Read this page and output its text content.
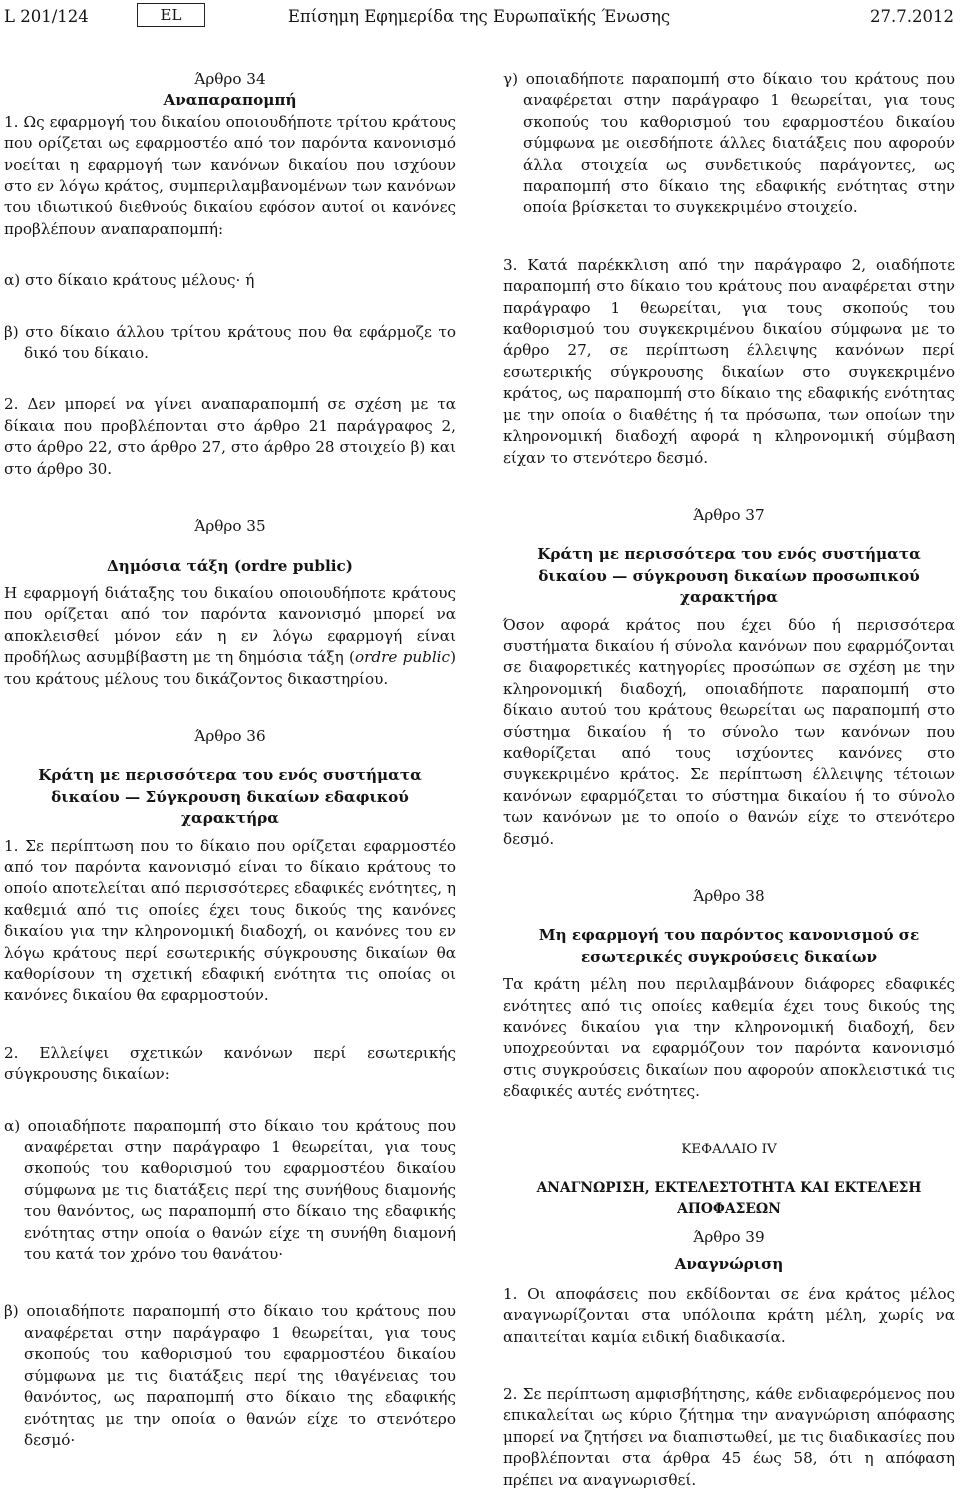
Επίσημη Εφημερίδα της Ευρωπαϊκής Ένωσης
L 201/124	EL	27.7.2012

Άρθρο 34

Αναπαραπομπή

1. Ως εφαρμογή του δικαίου οποιουδήποτε τρίτου κράτους που ορίζεται ως εφαρμοστέο από τον παρόντα κανονισμό νοείται η εφαρμογή των κανόνων δικαίου που ισχύουν στο εν λόγω κράτος, συμπεριλαμβανομένων των κανόνων του ιδιωτικού διεθνούς δικαίου εφόσον αυτοί οι κανόνες προβλέπουν αναπαραπομπή:

α) στο δίκαιο κράτους μέλους· ή

β) στο δίκαιο άλλου τρίτου κράτους που θα εφάρμοζε το δικό του δίκαιο.

2. Δεν μπορεί να γίνει αναπαραπομπή σε σχέση με τα δίκαια που προβλέπονται στο άρθρο 21 παράγραφος 2, στο άρθρο 22, στο άρθρο 27, στο άρθρο 28 στοιχείο β) και στο άρθρο 30.

Άρθρο 35

Δημόσια τάξη (ordre public)

Η εφαρμογή διάταξης του δικαίου οποιουδήποτε κράτους που ορίζεται από τον παρόντα κανονισμό μπορεί να αποκλεισθεί μόνον εάν η εν λόγω εφαρμογή είναι προδήλως ασυμβίβαστη με τη δημόσια τάξη (ordre public) του κράτους μέλους του δικάζοντος δικαστηρίου.

Άρθρο 36

Κράτη με περισσότερα του ενός συστήματα δικαίου — Σύγκρουση δικαίων εδαφικού χαρακτήρα

1. Σε περίπτωση που το δίκαιο που ορίζεται εφαρμοστέο από τον παρόντα κανονισμό είναι το δίκαιο κράτους το οποίο αποτελείται από περισσότερες εδαφικές ενότητες, η καθεμιά από τις οποίες έχει τους δικούς της κανόνες δικαίου για την κληρονομική διαδοχή, οι κανόνες του εν λόγω κράτους περί εσωτερικής σύγκρουσης δικαίων θα καθορίσουν τη σχετική εδαφική ενότητα τις οποίας οι κανόνες δικαίου θα εφαρμοστούν.

2. Ελλείψει σχετικών κανόνων περί εσωτερικής σύγκρουσης δικαίων:

α) οποιαδήποτε παραπομπή στο δίκαιο του κράτους που αναφέρεται στην παράγραφο 1 θεωρείται, για τους σκοπούς του καθορισμού του εφαρμοστέου δικαίου σύμφωνα με τις διατάξεις περί της συνήθους διαμονής του θανόντος, ως παραπομπή στο δίκαιο της εδαφικής ενότητας στην οποία ο θανών είχε τη συνήθη διαμονή του κατά τον χρόνο του θανάτου·

β) οποιαδήποτε παραπομπή στο δίκαιο του κράτους που αναφέρεται στην παράγραφο 1 θεωρείται, για τους σκοπούς του καθορισμού του εφαρμοστέου δικαίου σύμφωνα με τις διατάξεις περί της ιθαγένειας του θανόντος, ως παραπομπή στο δίκαιο της εδαφικής ενότητας με την οποία ο θανών είχε το στενότερο δεσμό·

γ) οποιαδήποτε παραπομπή στο δίκαιο του κράτους που αναφέρεται στην παράγραφο 1 θεωρείται, για τους σκοπούς του καθορισμού του εφαρμοστέου δικαίου σύμφωνα με οιεσδήποτε άλλες διατάξεις που αφορούν άλλα στοιχεία ως συνδετικούς παράγοντες, ως παραπομπή στο δίκαιο της εδαφικής ενότητας στην οποία βρίσκεται το συγκεκριμένο στοιχείο.

3. Κατά παρέκκλιση από την παράγραφο 2, οιαδήποτε παραπομπή στο δίκαιο του κράτους που αναφέρεται στην παράγραφο 1 θεωρείται, για τους σκοπούς του καθορισμού του συγκεκριμένου δικαίου σύμφωνα με το άρθρο 27, σε περίπτωση έλλειψης κανόνων περί εσωτερικής σύγκρουσης δικαίων στο συγκεκριμένο κράτος, ως παραπομπή στο δίκαιο της εδαφικής ενότητας με την οποία ο διαθέτης ή τα πρόσωπα, των οποίων την κληρονομική διαδοχή αφορά η κληρονομική σύμβαση είχαν το στενότερο δεσμό.

Άρθρο 37

Κράτη με περισσότερα του ενός συστήματα δικαίου — σύγκρουση δικαίων προσωπικού χαρακτήρα

Όσον αφορά κράτος που έχει δύο ή περισσότερα συστήματα δικαίου ή σύνολα κανόνων που εφαρμόζονται σε διαφορετικές κατηγορίες προσώπων σε σχέση με την κληρονομική διαδοχή, οποιαδήποτε παραπομπή στο δίκαιο αυτού του κράτους θεωρείται ως παραπομπή στο σύστημα δικαίου ή το σύνολο των κανόνων που καθορίζεται από τους ισχύοντες κανόνες στο συγκεκριμένο κράτος. Σε περίπτωση έλλειψης τέτοιων κανόνων εφαρμόζεται το σύστημα δικαίου ή το σύνολο των κανόνων με το οποίο ο θανών είχε το στενότερο δεσμό.

Άρθρο 38

Μη εφαρμογή του παρόντος κανονισμού σε εσωτερικές συγκρούσεις δικαίων

Τα κράτη μέλη που περιλαμβάνουν διάφορες εδαφικές ενότητες από τις οποίες καθεμία έχει τους δικούς της κανόνες δικαίου για την κληρονομική διαδοχή, δεν υποχρεούνται να εφαρμόζουν τον παρόντα κανονισμό στις συγκρούσεις δικαίων που αφορούν αποκλειστικά τις εδαφικές αυτές ενότητες.

ΚΕΦΑΛΑΙΟ IV

ΑΝΑΓΝΩΡΙΣΗ, ΕΚΤΕΛΕΣΤΟΤΗΤΑ ΚΑΙ ΕΚΤΕΛΕΣΗ ΑΠΟΦΑΣΕΩΝ

Άρθρο 39

Αναγνώριση

1. Οι αποφάσεις που εκδίδονται σε ένα κράτος μέλος αναγνωρίζονται στα υπόλοιπα κράτη μέλη, χωρίς να απαιτείται καμία ειδική διαδικασία.

2. Σε περίπτωση αμφισβήτησης, κάθε ενδιαφερόμενος που επικαλείται ως κύριο ζήτημα την αναγνώριση απόφασης μπορεί να ζητήσει να διαπιστωθεί, με τις διαδικασίες που προβλέπονται στα άρθρα 45 έως 58, ότι η απόφαση πρέπει να αναγνωρισθεί.
